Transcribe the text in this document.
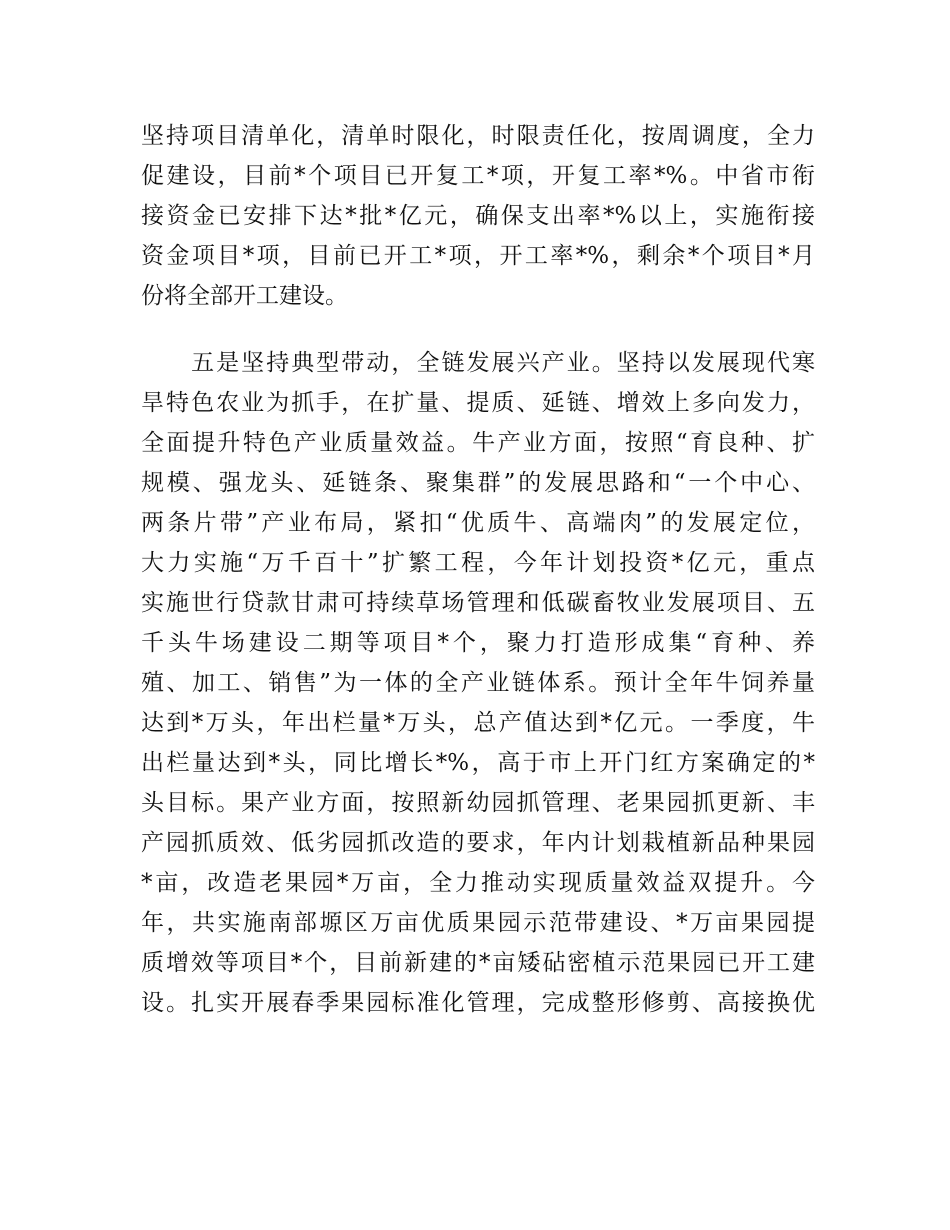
坚持项目清单化，清单时限化，时限责任化，按周调度，全力
促建设，目前*个项目已开复工*项，开复工率*%。中省市衔
接资金已安排下达*批*亿元，确保支出率*%以上，实施衔接
资金项目*项，目前已开工*项，开工率*%，剩余*个项目*月
份将全部开工建设。
　　五是坚持典型带动，全链发展兴产业。坚持以发展现代寒
旱特色农业为抓手，在扩量、提质、延链、增效上多向发力，
全面提升特色产业质量效益。牛产业方面，按照“育良种、扩
规模、强龙头、延链条、聚集群”的发展思路和“一个中心、
两条片带”产业布局，紧扣“优质牛、高端肉”的发展定位，
大力实施“万千百十”扩繁工程，今年计划投资*亿元，重点
实施世行贷款甘肃可持续草场管理和低碳畜牧业发展项目、五
千头牛场建设二期等项目*个，聚力打造形成集“育种、养
殖、加工、销售”为一体的全产业链体系。预计全年牛饲养量
达到*万头，年出栏量*万头，总产值达到*亿元。一季度，牛
出栏量达到*头，同比增长*%，高于市上开门红方案确定的*
头目标。果产业方面，按照新幼园抓管理、老果园抓更新、丰
产园抓质效、低劣园抓改造的要求，年内计划栽植新品种果园
*亩，改造老果园*万亩，全力推动实现质量效益双提升。今
年，共实施南部塬区万亩优质果园示范带建设、*万亩果园提
质增效等项目*个，目前新建的*亩矮砧密植示范果园已开工建
设。扎实开展春季果园标准化管理，完成整形修剪、高接换优
